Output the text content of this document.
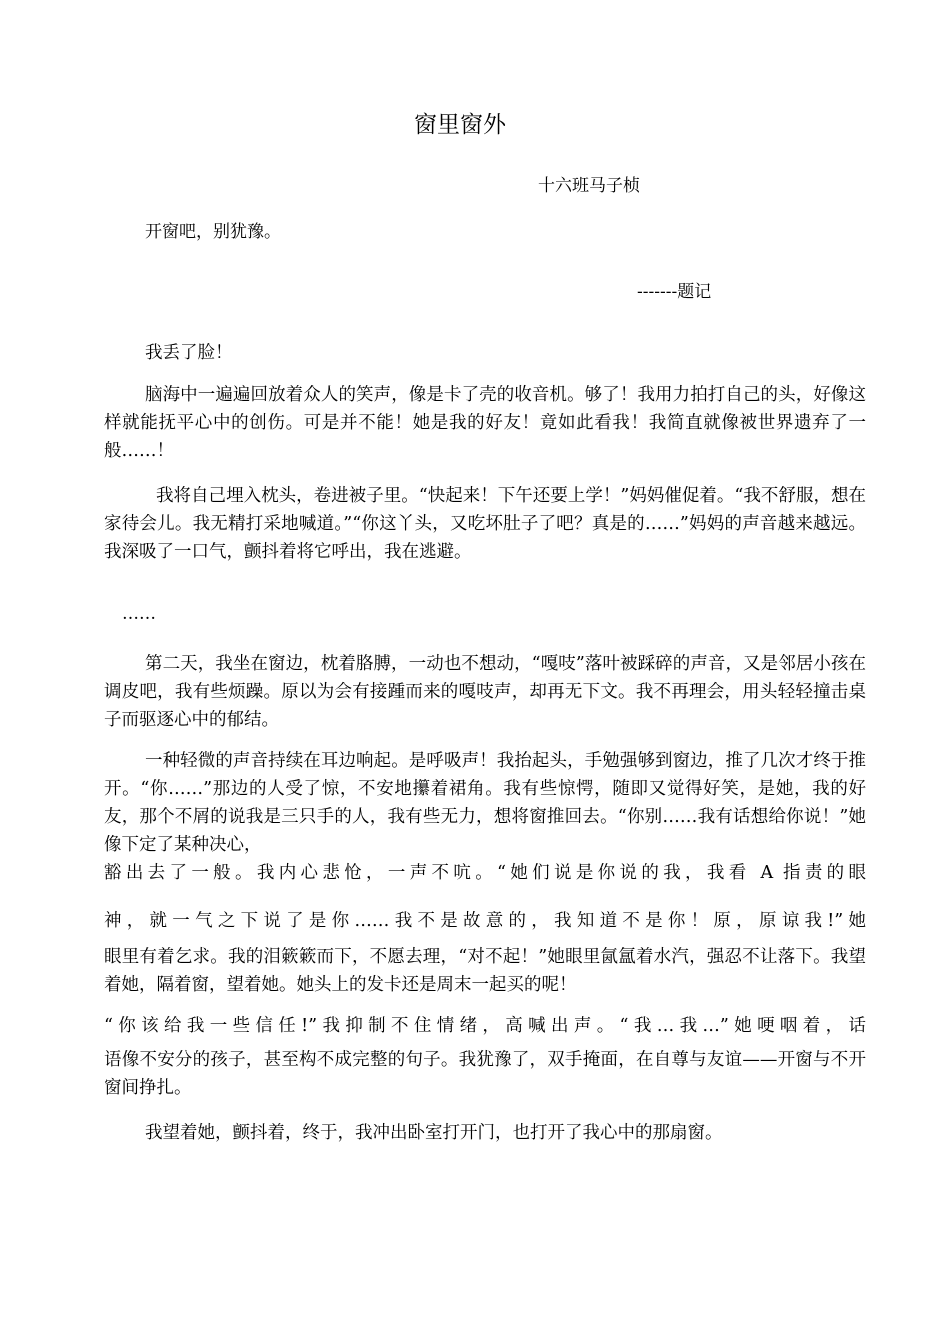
窗里窗外
十六班马子桢
开窗吧，别犹豫。
-------题记

我丢了脸！

脑海中一遍遍回放着众人的笑声，像是卡了壳的收音机。够了！我用力拍打自己的头，好像这样就能抚平心中的创伤。可是并不能！她是我的好友！竟如此看我！我简直就像被世界遗弃了一般……！

我将自己埋入枕头，卷进被子里。“快起来！下午还要上学！”妈妈催促着。“我不舒服，想在家待会儿。我无精打采地喊道。”“你这丫头，又吃坏肚子了吧？真是的……”妈妈的声音越来越远。我深吸了一口气，颤抖着将它呼出，我在逃避。

……

第二天，我坐在窗边，枕着胳膊，一动也不想动，“嘎吱”落叶被踩碎的声音，又是邻居小孩在调皮吧，我有些烦躁。原以为会有接踵而来的嘎吱声，却再无下文。我不再理会，用头轻轻撞击桌子而驱逐心中的郁结。

一种轻微的声音持续在耳边响起。是呼吸声！我抬起头，手勉强够到窗边，推了几次才终于推开。“你……”那边的人受了惊，不安地攥着裙角。我有些惊愕，随即又觉得好笑，是她，我的好友，那个不屑的说我是三只手的人，我有些无力，想将窗推回去。“你别……我有话想给你说！”她像下定了某种决心，

豁出去了一般。我内心悲怆，一声不吭。“她们说是你说的我，我看 A 指责的眼
神，就一气之下说了是你……我不是故意的，我知道不是你！原，原谅我!”她

眼里有着乞求。我的泪簌簌而下，不愿去理，“对不起！”她眼里氤氲着水汽，强忍不让落下。我望着她，隔着窗，望着她。她头上的发卡还是周末一起买的呢！

“你该给我一些信任!”我抑制不住情绪，高喊出声。“我…我…”她哽咽着，话

语像不安分的孩子，甚至构不成完整的句子。我犹豫了，双手掩面，在自尊与友谊——开窗与不开窗间挣扎。

我望着她，颤抖着，终于，我冲出卧室打开门，也打开了我心中的那扇窗。
